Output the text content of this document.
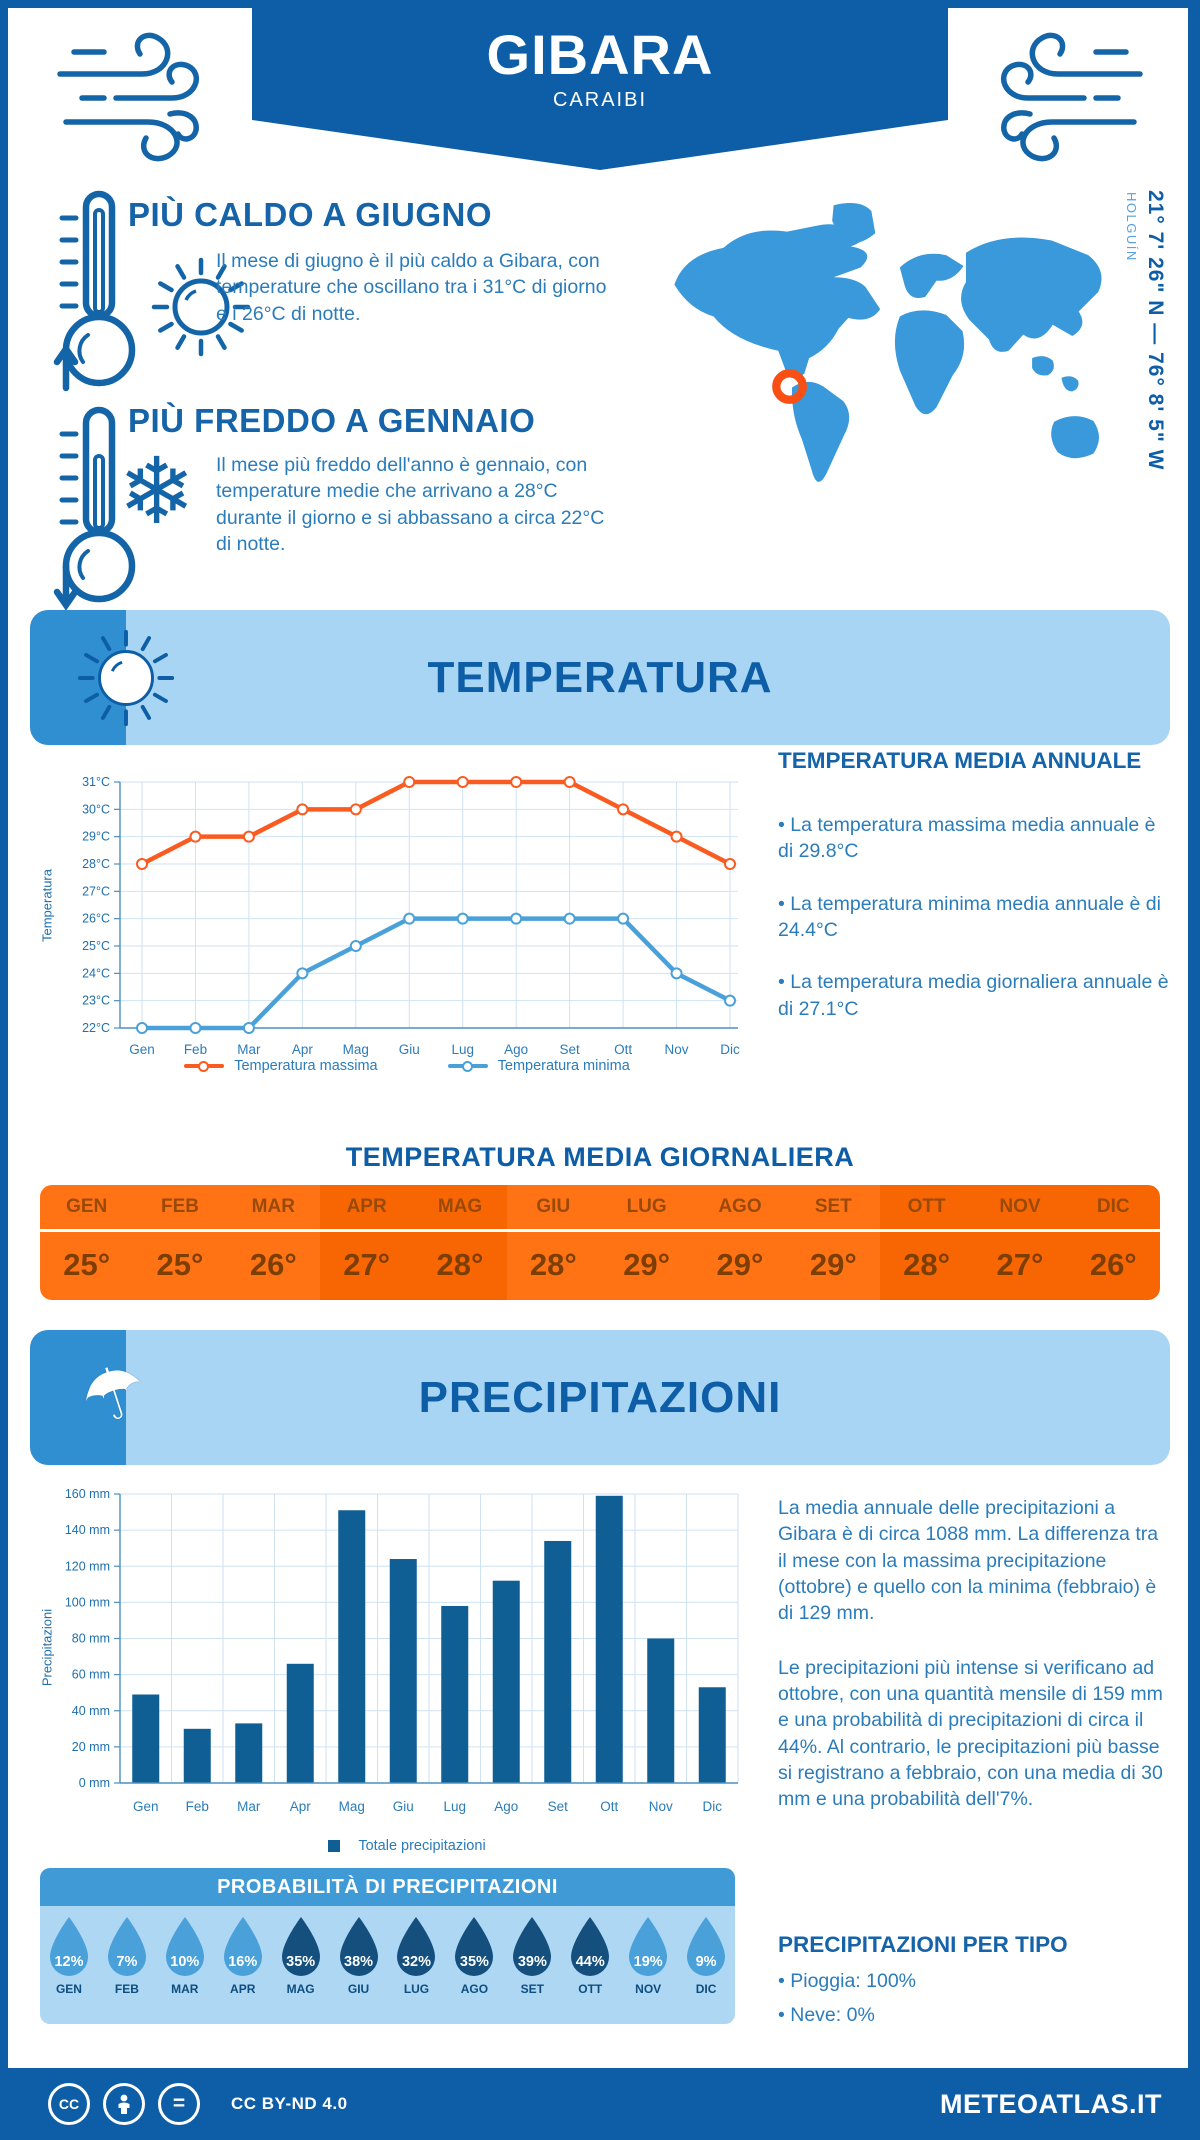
GIBARA
CARAIBI
PIÙ CALDO A GIUGNO
Il mese di giugno è il più caldo a Gibara, con temperature che oscillano tra i 31°C di giorno e i 26°C di notte.
❄
PIÙ FREDDO A GENNAIO
Il mese più freddo dell'anno è gennaio, con temperature medie che arrivano a 28°C durante il giorno e si abbassano a circa 22°C di notte.
21° 7' 26" N — 76° 8' 5" W
HOLGUÍN
TEMPERATURA
22°C
23°C
24°C
25°C
26°C
27°C
28°C
29°C
30°C
31°C
Gen Feb Mar Apr Mag Giu Lug Ago Set	Ott Nov Dic
Temperatura
Temperatura massima	Temperatura minima
TEMPERATURA MEDIA ANNUALE
• La temperatura massima media annuale è di 29.8°C
• La temperatura minima media annuale è di 24.4°C
• La temperatura media giornaliera annuale è di 27.1°C
TEMPERATURA MEDIA GIORNALIERA
GEN	FEB	MAR	APR	MAG	GIU	LUG	AGO	SET	OTT	NOV	DIC
25°	25°	26°	27°	28°	28°	29°	29°	29°	28°	27°	26°
☂	PRECIPITAZIONI
0 mm
20 mm
40 mm
60 mm
80 mm
100 mm
120 mm
140 mm
160 mm
Gen Feb Mar Apr Mag Giu Lug Ago Set Ott Nov Dic
Precipitazioni
Totale precipitazioni
La media annuale delle precipitazioni a Gibara è di circa 1088 mm. La differenza tra il mese con la massima precipitazione (ottobre) e quello con la minima (febbraio) è di 129 mm.
Le precipitazioni più intense si verificano ad ottobre, con una quantità mensile di 159 mm e una probabilità di precipitazioni di circa il 44%. Al contrario, le precipitazioni più basse si registrano a febbraio, con una media di 30 mm e una probabilità dell'7%.
PROBABILITÀ DI PRECIPITAZIONI
12%
GEN
7%
FEB
10%
MAR
16%
APR
35%
MAG
38%
GIU
32%
LUG
35%
AGO
39%
SET
44%
OTT
19%
NOV
9%
DIC
PRECIPITAZIONI PER TIPO
• Pioggia: 100%
• Neve: 0%
CC	=	CC BY-ND 4.0	METEOATLAS.IT
